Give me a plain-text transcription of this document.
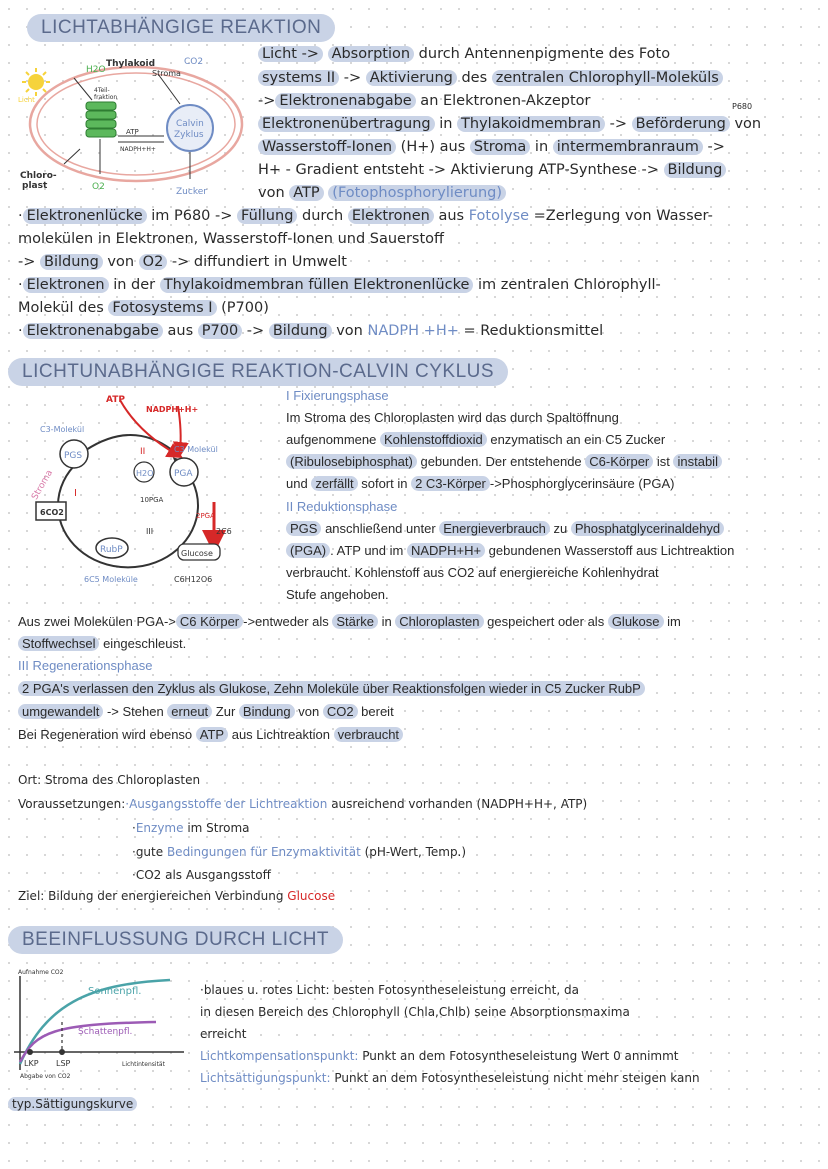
LICHTABHÄNGIGE REAKTION
LICHTUNABHÄNGIGE REAKTION-CALVIN CYKLUS
BEEINFLUSSUNG DURCH LICHT
H2O
Thylakoid	CO2
Stroma
Licht
4Teil-
fraktion
ATP
NADPH+H+
Calvin
Zyklus
Chloro-
plast	O2	Zucker
Licht -> Absorption durch Antennenpigmente des Foto
systems II -> Aktivierung des zentralen Chlorophyll-Moleküls
-> Elektronenabgabe an Elektronen-Akzeptor
Elektronenübertragung in Thylakoidmembran -> Beförderung von
Wasserstoff-Ionen (H+) aus Stroma in intermembranraum ->
H+ - Gradient entsteht -> Aktivierung ATP-Synthese -> Bildung
von ATP (Fotophosphorylierung)
· Elektronenlücke im P680 -> Füllung durch Elektronen aus Fotolyse =Zerlegung von Wasser-
molekülen in Elektronen, Wasserstoff-Ionen und Sauerstoff
-> Bildung von O2 -> diffundiert in Umwelt
· Elektronen in der Thylakoidmembran füllen Elektronenlücke im zentralen Chlorophyll-
Molekül des Fotosystems I (P700)
· Elektronenabgabe aus P700 -> Bildung von NADPH +H+ = Reduktionsmittel
P680
ATP
NADPH+H+
C3-Molekül
C3 Molekül
II
PGS
H2O PGA
Stroma I
6CO2
10PGA
2PGA
2C6
III
RubP	Glucose
6C5 Moleküle	C6H12O6
I Fixierungsphase
Im Stroma des Chloroplasten wird das durch Spaltöffnung
aufgenommene Kohlenstoffdioxid enzymatisch an ein C5 Zucker
(Ribulosebiphosphat) gebunden. Der entstehende C6-Körper ist instabil
und zerfällt sofort in 2 C3-Körper ->Phosphorglycerinsäure (PGA)
II Reduktionsphase
PGS anschließend unter Energieverbrauch zu Phosphatglycerinaldehyd
(PGA) . ATP und im NADPH+H+ gebundenen Wasserstoff aus Lichtreaktion
verbraucht. Kohlenstoff aus CO2 auf energiereiche Kohlenhydrat
Stufe angehoben.
Aus zwei Molekülen PGA-> C6 Körper ->entweder als Stärke in Chloroplasten gespeichert oder als Glukose im
Stoffwechsel eingeschleust.
III Regenerationsphase
2 PGA's verlassen den Zyklus als Glukose, Zehn Moleküle über Reaktionsfolgen wieder in C5 Zucker RubP
umgewandelt -> Stehen erneut Zur Bindung von CO2 bereit
Bei Regeneration wird ebenso ATP aus Lichtreaktion verbraucht
Ort: Stroma des Chloroplasten
Voraussetzungen:·Ausgangsstoffe der Lichtreaktion ausreichend vorhanden (NADPH+H+, ATP)
·Enzyme im Stroma
·gute Bedingungen für Enzymaktivität (pH-Wert, Temp.)
·CO2 als Ausgangsstoff
Ziel: Bildung der energiereichen Verbindung Glucose
Aufnahme CO2
Sonnenpfl.
Schattenpfl.
LKP LSP	Lichtintensität
Abgabe von CO2
typ.Sättigungskurve
·blaues u. rotes Licht: besten Fotosyntheseleistung erreicht, da
in diesen Bereich des Chlorophyll (Chla,Chlb) seine Absorptionsmaxima
erreicht
Lichtkompensationspunkt: Punkt an dem Fotosyntheseleistung Wert 0 annimmt
Lichtsättigungspunkt: Punkt an dem Fotosyntheseleistung nicht mehr steigen kann
